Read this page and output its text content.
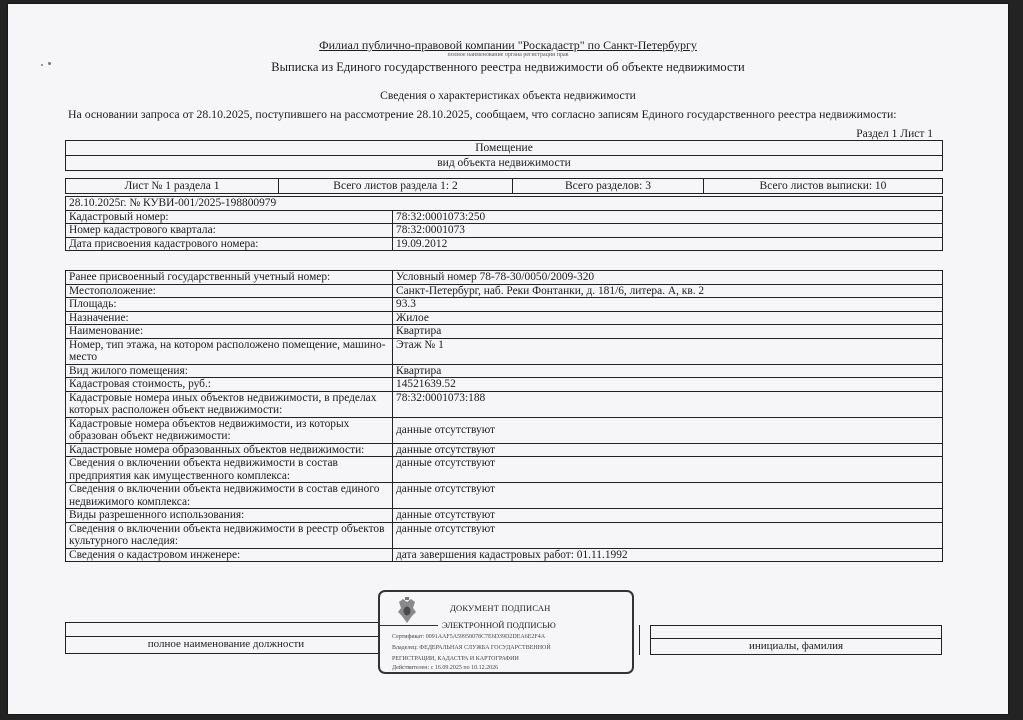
Филиал публично-правовой компании "Роскадастр" по Санкт-Петербургу
полное наименование органа регистрации прав
Выписка из Единого государственного реестра недвижимости об объекте недвижимости
Сведения о характеристиках объекта недвижимости
На основании запроса от 28.10.2025, поступившего на рассмотрение 28.10.2025, сообщаем, что согласно записям Единого государственного реестра недвижимости:
Раздел 1 Лист 1
Помещение
вид объекта недвижимости
Лист № 1 раздела 1	Всего листов раздела 1: 2	Всего разделов: 3	Всего листов выписки: 10
28.10.2025г. № КУВИ-001/2025-198800979	
Кадастровый номер:	78:32:0001073:250
Номер кадастрового квартала:	78:32:0001073
Дата присвоения кадастрового номера:	19.09.2012
Ранее присвоенный государственный учетный номер:	Условный номер 78-78-30/0050/2009-320
Местоположение:	Санкт-Петербург, наб. Реки Фонтанки, д. 181/6, литера. А, кв. 2
Площадь:	93.3
Назначение:	Жилое
Наименование:	Квартира
Номер, тип этажа, на котором расположено помещение, машино-место	Этаж № 1
Вид жилого помещения:	Квартира
Кадастровая стоимость, руб.:	14521639.52
Кадастровые номера иных объектов недвижимости, в пределах которых расположен объект недвижимости:	78:32:0001073:188
Кадастровые номера объектов недвижимости, из которых образован объект недвижимости:	данные отсутствуют
Кадастровые номера образованных объектов недвижимости:	данные отсутствуют
Сведения о включении объекта недвижимости в состав предприятия как имущественного комплекса:	данные отсутствуют
Сведения о включении объекта недвижимости в состав единого недвижимого комплекса:	данные отсутствуют
Виды разрешенного использования:	данные отсутствуют
Сведения о включении объекта недвижимости в реестр объектов культурного наследия:	данные отсутствуют
Сведения о кадастровом инженере:	дата завершения кадастровых работ: 01.11.1992
полное наименование должности	инициалы, фамилия
ДОКУМЕНТ ПОДПИСАН
ЭЛЕКТРОННОЙ ПОДПИСЬЮ
Сертификат: 0091AAF5A59950078C7E6D39D2DEA6E2F4A
Владелец: ФЕДЕРАЛЬНАЯ СЛУЖБА ГОСУДАРСТВЕННОЙ
РЕГИСТРАЦИИ, КАДАСТРА И КАРТОГРАФИИ
Действителен: с 16.09.2025 по 10.12.2026
